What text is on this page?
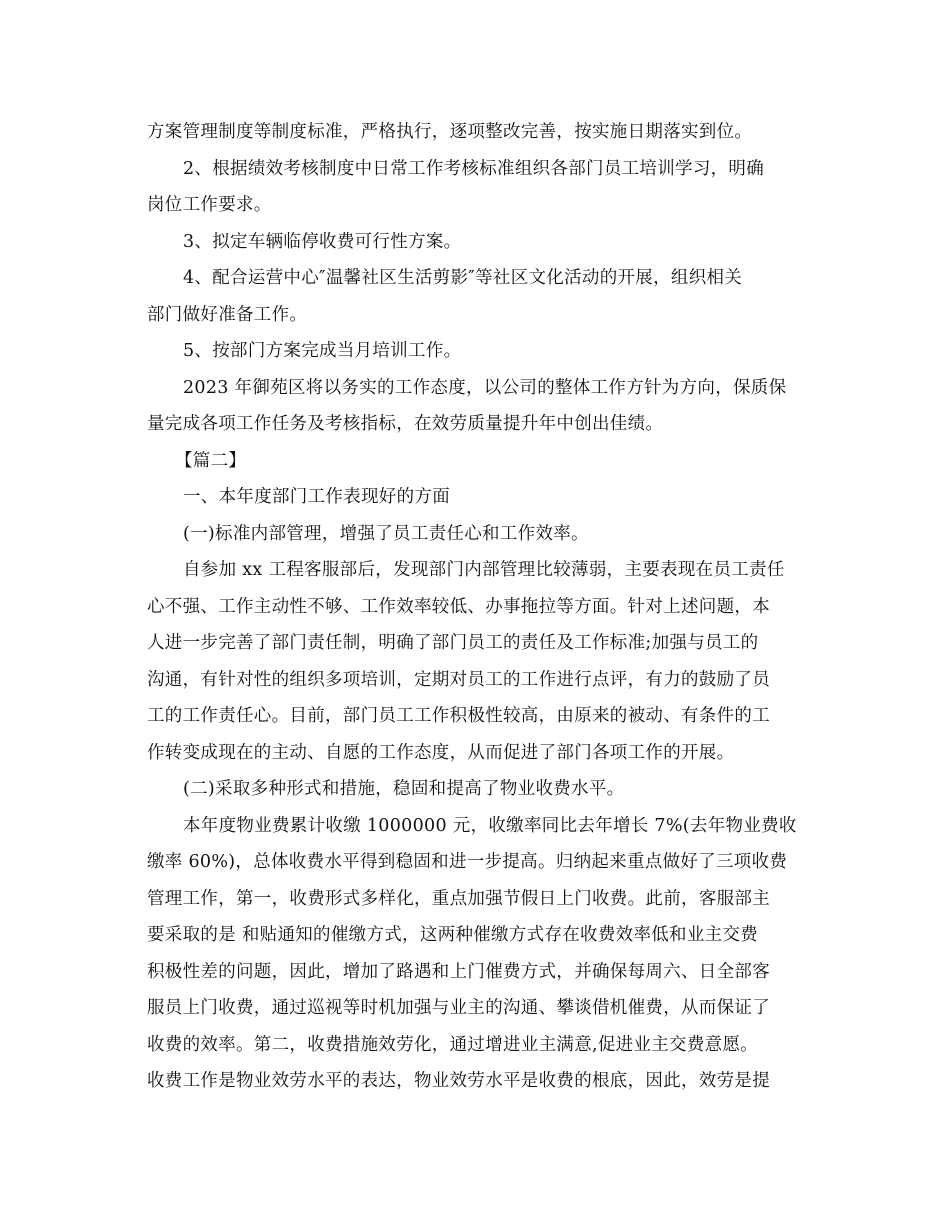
方案管理制度等制度标准，严格执行，逐项整改完善，按实施日期落实到位。
2、根据绩效考核制度中日常工作考核标准组织各部门员工培训学习，明确
岗位工作要求。
3、拟定车辆临停收费可行性方案。
4、配合运营中心″温馨社区生活剪影″等社区文化活动的开展，组织相关
部门做好准备工作。
5、按部门方案完成当月培训工作。
2023 年御苑区将以务实的工作态度，以公司的整体工作方针为方向，保质保
量完成各项工作任务及考核指标，在效劳质量提升年中创出佳绩。
【篇二】
一、本年度部门工作表现好的方面
(一)标准内部管理，增强了员工责任心和工作效率。
自参加 xx 工程客服部后，发现部门内部管理比较薄弱，主要表现在员工责任
心不强、工作主动性不够、工作效率较低、办事拖拉等方面。针对上述问题，本
人进一步完善了部门责任制，明确了部门员工的责任及工作标准;加强与员工的
沟通，有针对性的组织多项培训，定期对员工的工作进行点评，有力的鼓励了员
工的工作责任心。目前，部门员工工作积极性较高，由原来的被动、有条件的工
作转变成现在的主动、自愿的工作态度，从而促进了部门各项工作的开展。
(二)采取多种形式和措施，稳固和提高了物业收费水平。
本年度物业费累计收缴 1000000 元，收缴率同比去年增长 7%(去年物业费收
缴率 60%)，总体收费水平得到稳固和进一步提高。归纳起来重点做好了三项收费
管理工作，第一，收费形式多样化，重点加强节假日上门收费。此前，客服部主
要采取的是 和贴通知的催缴方式，这两种催缴方式存在收费效率低和业主交费
积极性差的问题，因此，增加了路遇和上门催费方式，并确保每周六、日全部客
服员上门收费，通过巡视等时机加强与业主的沟通、攀谈借机催费，从而保证了
收费的效率。第二，收费措施效劳化，通过增进业主满意,促进业主交费意愿。
收费工作是物业效劳水平的表达，物业效劳水平是收费的根底，因此，效劳是提
